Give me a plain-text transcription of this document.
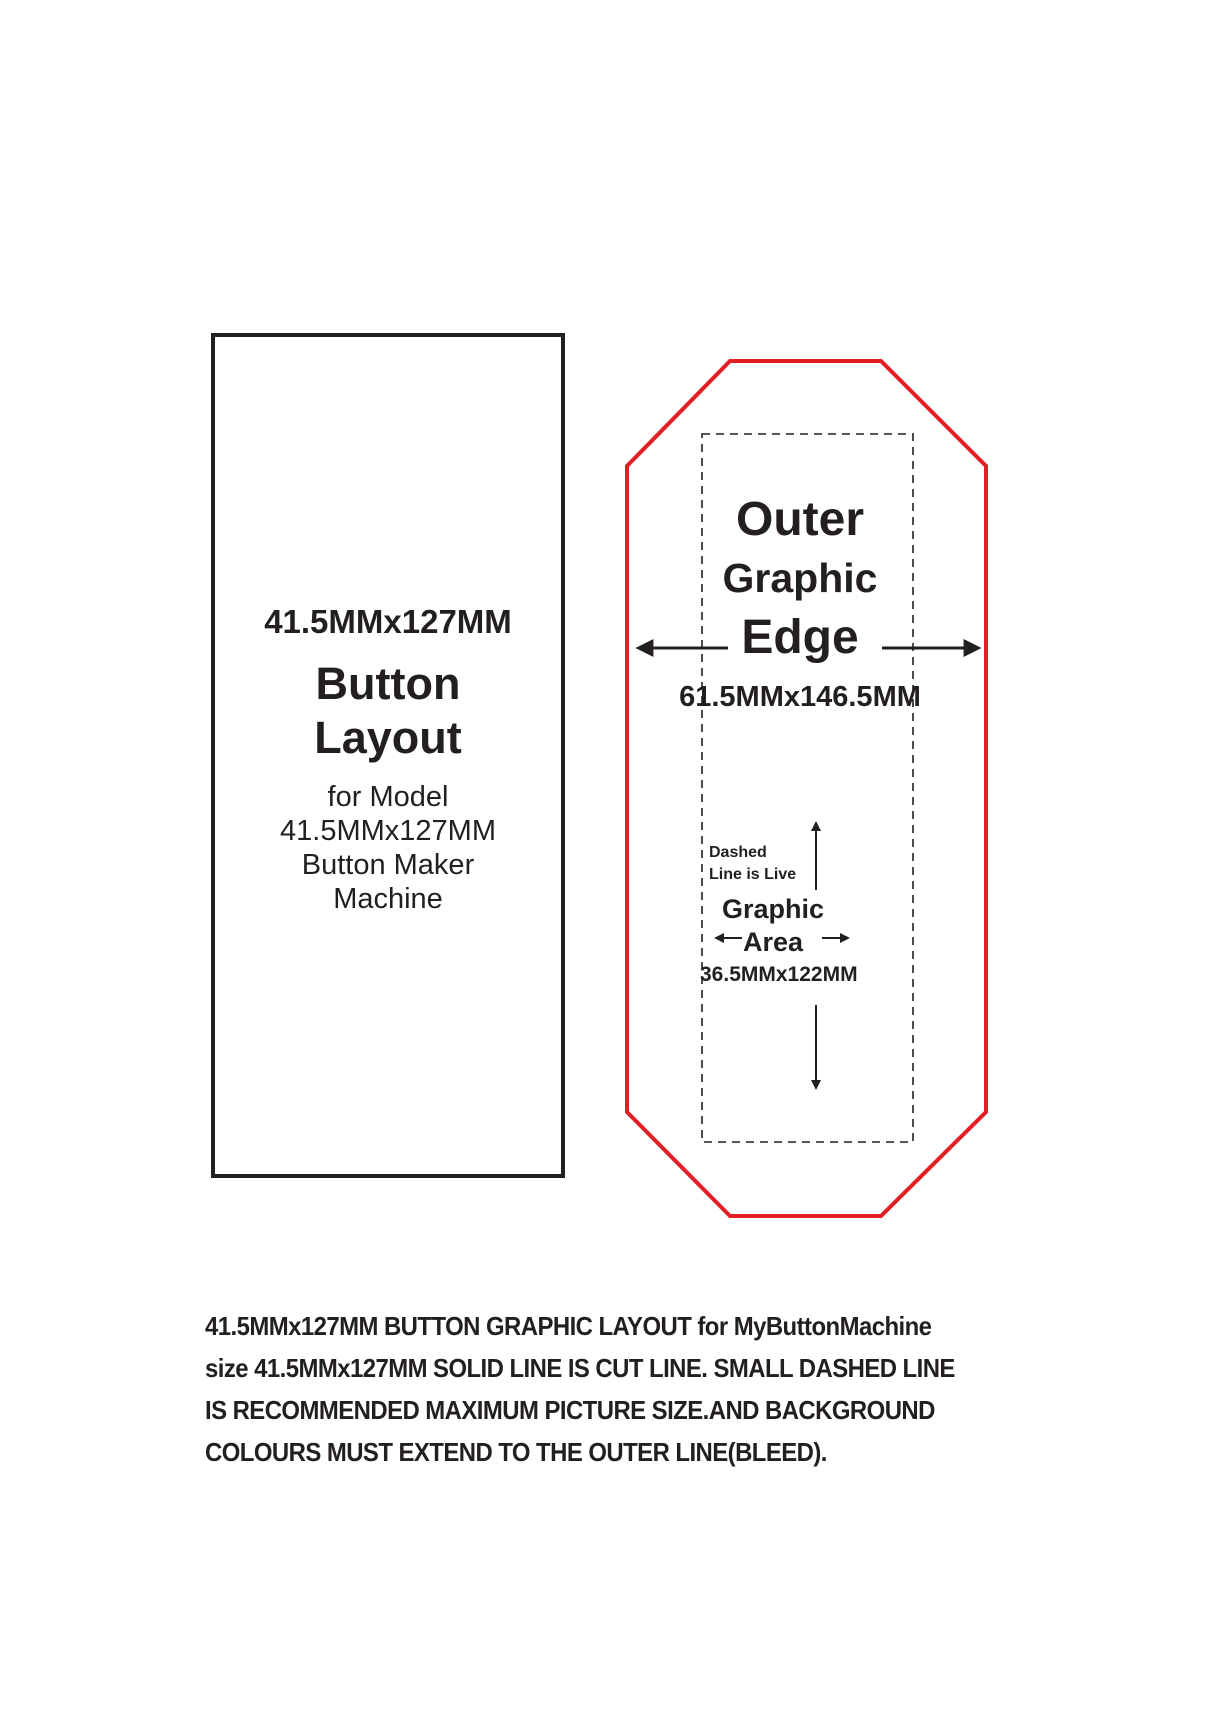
41.5MMx127MM
Button
Layout
for Model
41.5MMx127MM
Button Maker
Machine
Outer
Graphic
Edge
61.5MMx146.5MM
Dashed
Line is Live
Graphic
Area
36.5MMx122MM
41.5MMx127MM BUTTON GRAPHIC LAYOUT for MyButtonMachine
size 41.5MMx127MM SOLID LINE IS CUT LINE. SMALL DASHED LINE
IS RECOMMENDED MAXIMUM PICTURE SIZE.AND BACKGROUND
COLOURS MUST EXTEND TO THE OUTER LINE(BLEED).
